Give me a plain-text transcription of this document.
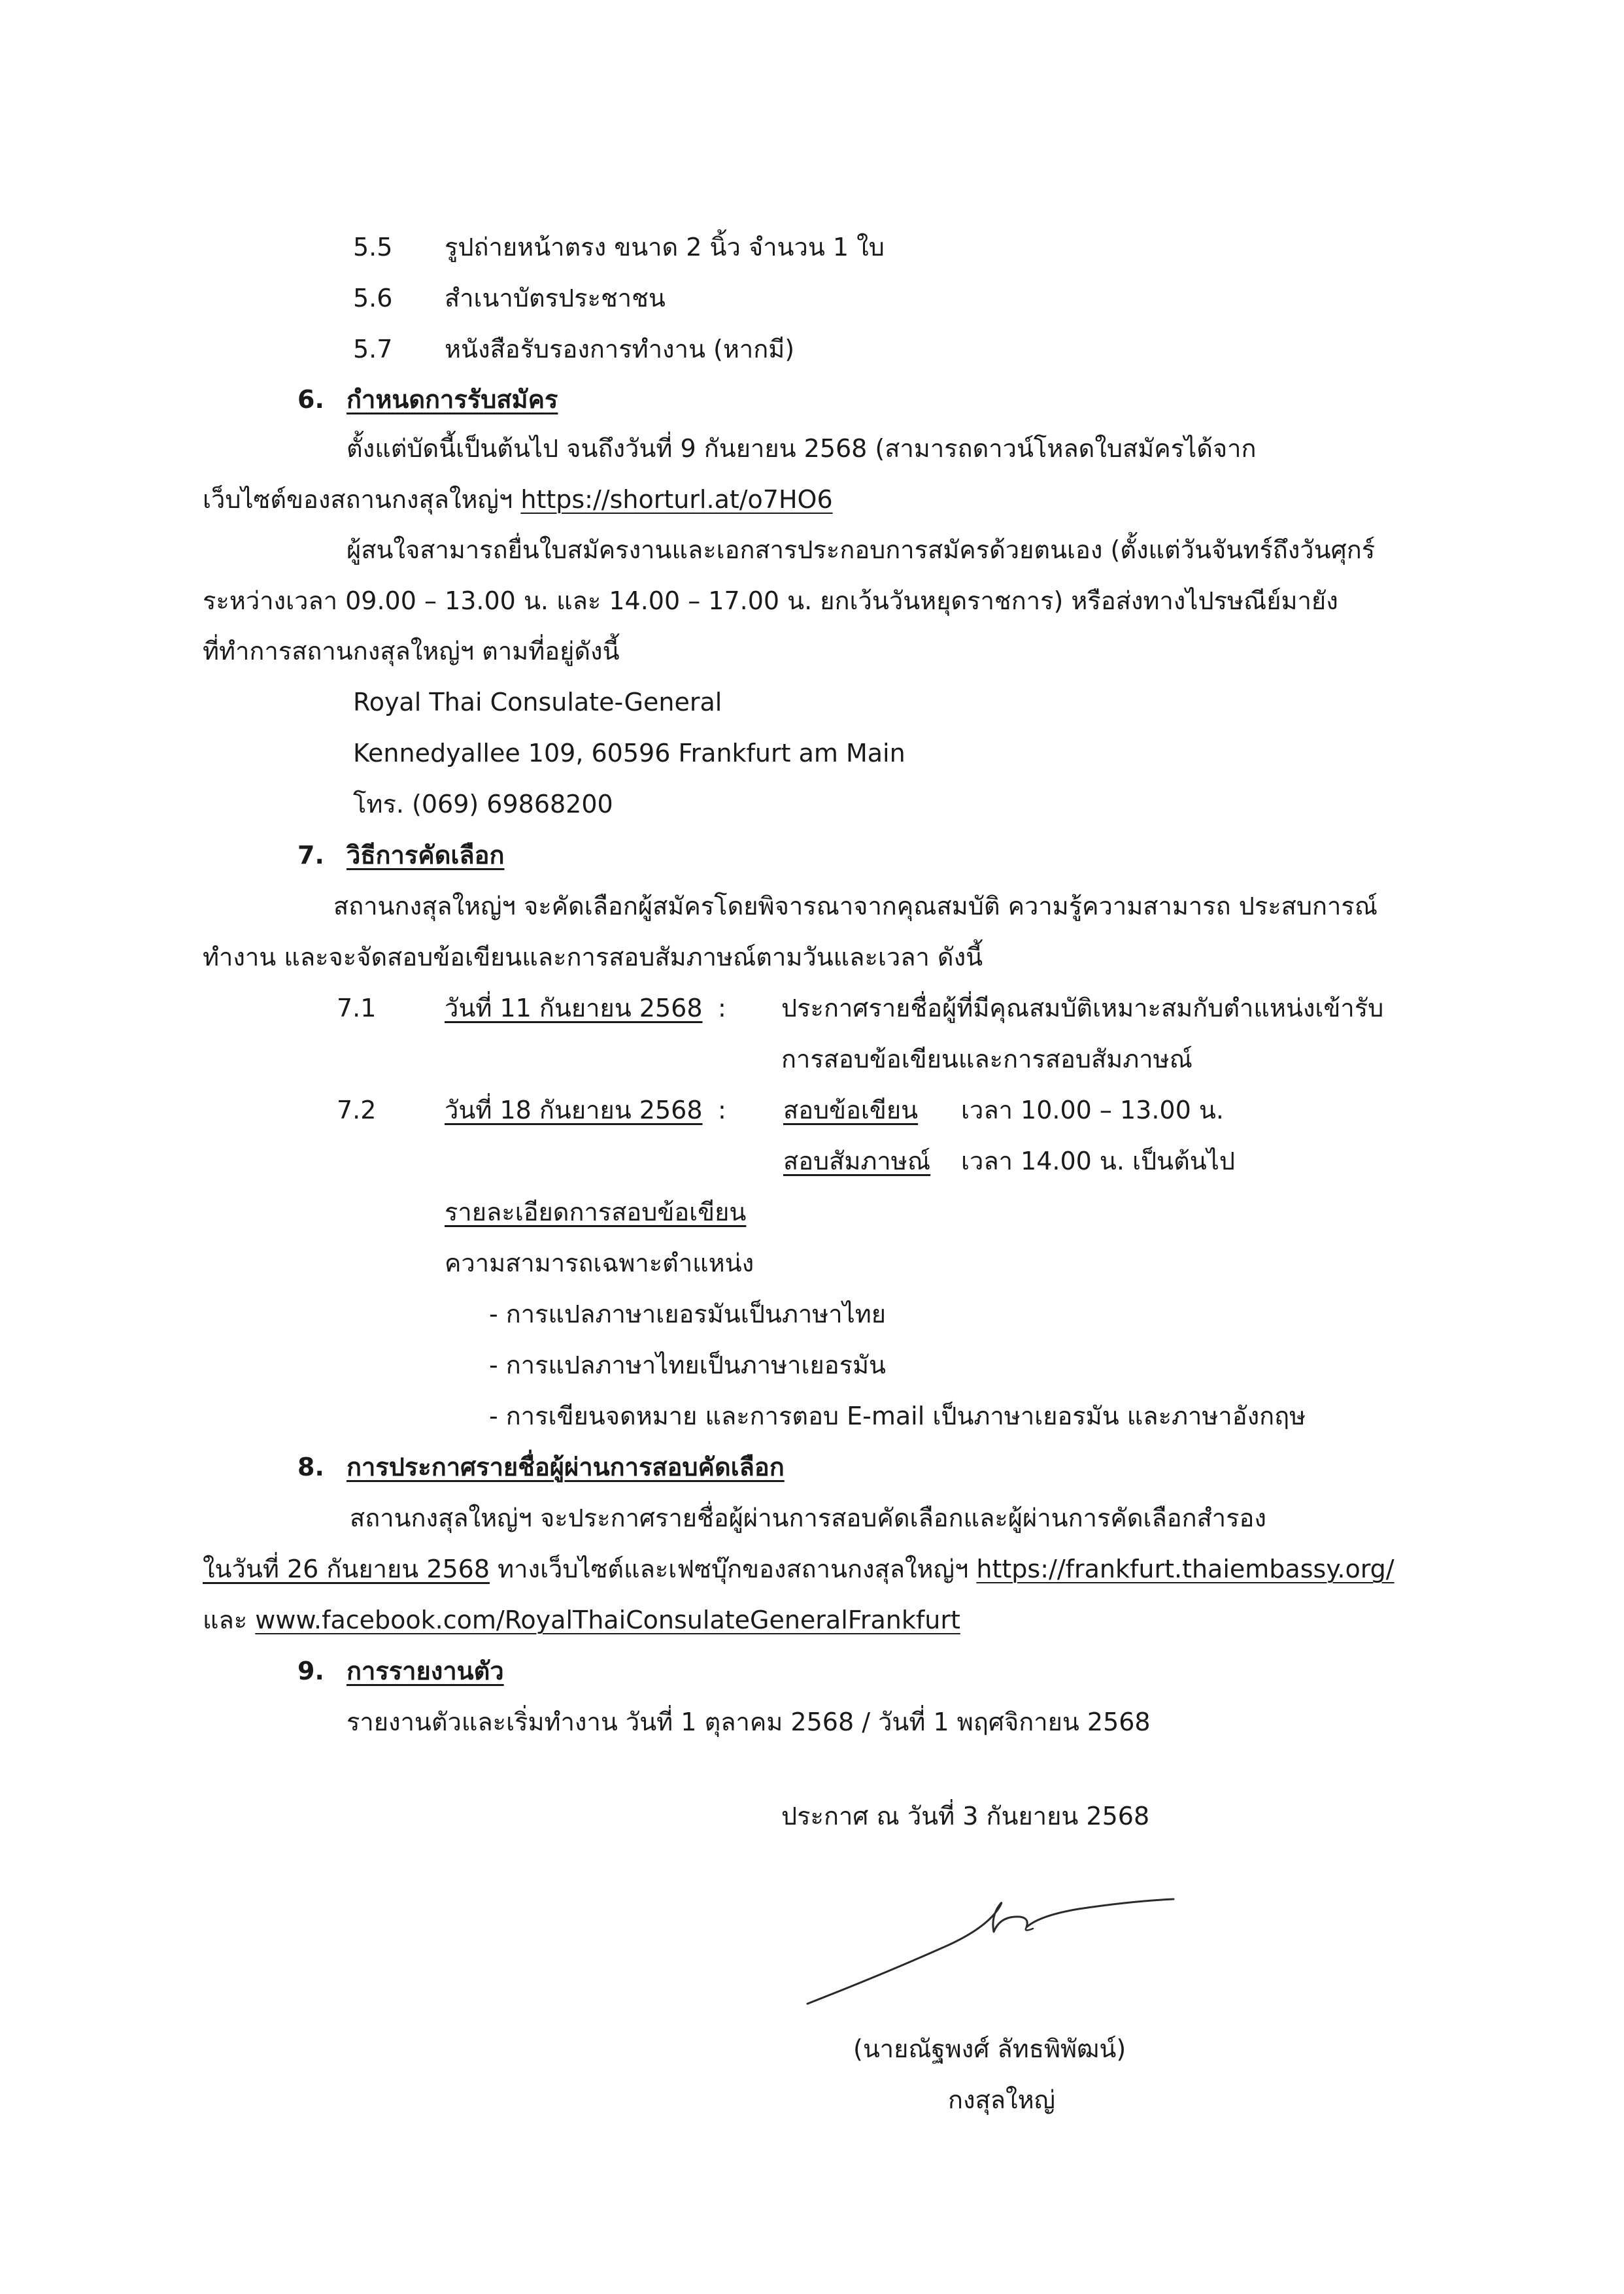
5.5 รูปถ่ายหน้าตรง ขนาด 2 นิ้ว จำนวน 1 ใบ
5.6 สำเนาบัตรประชาชน
5.7 หนังสือรับรองการทำงาน (หากมี)
6. กำหนดการรับสมัคร
ตั้งแต่บัดนี้เป็นต้นไป จนถึงวันที่ 9 กันยายน 2568 (สามารถดาวน์โหลดใบสมัครได้จาก
เว็บไซต์ของสถานกงสุลใหญ่ฯ https://shorturl.at/o7HO6
ผู้สนใจสามารถยื่นใบสมัครงานและเอกสารประกอบการสมัครด้วยตนเอง (ตั้งแต่วันจันทร์ถึงวันศุกร์
ระหว่างเวลา 09.00 – 13.00 น. และ 14.00 – 17.00 น. ยกเว้นวันหยุดราชการ) หรือส่งทางไปรษณีย์มายัง
ที่ทำการสถานกงสุลใหญ่ฯ ตามที่อยู่ดังนี้
Royal Thai Consulate-General
Kennedyallee 109, 60596 Frankfurt am Main
โทร. (069) 69868200
7. วิธีการคัดเลือก
สถานกงสุลใหญ่ฯ จะคัดเลือกผู้สมัครโดยพิจารณาจากคุณสมบัติ ความรู้ความสามารถ ประสบการณ์
ทำงาน และจะจัดสอบข้อเขียนและการสอบสัมภาษณ์ตามวันและเวลา ดังนี้
7.1	วันที่ 11 กันยายน 2568 : ประกาศรายชื่อผู้ที่มีคุณสมบัติเหมาะสมกับตำแหน่งเข้ารับ
การสอบข้อเขียนและการสอบสัมภาษณ์
7.2	วันที่ 18 กันยายน 2568 : สอบข้อเขียน เวลา 10.00 – 13.00 น.
สอบสัมภาษณ์ เวลา 14.00 น. เป็นต้นไป
รายละเอียดการสอบข้อเขียน
ความสามารถเฉพาะตำแหน่ง
- การแปลภาษาเยอรมันเป็นภาษาไทย
- การแปลภาษาไทยเป็นภาษาเยอรมัน
- การเขียนจดหมาย และการตอบ E-mail เป็นภาษาเยอรมัน และภาษาอังกฤษ
8. การประกาศรายชื่อผู้ผ่านการสอบคัดเลือก
สถานกงสุลใหญ่ฯ จะประกาศรายชื่อผู้ผ่านการสอบคัดเลือกและผู้ผ่านการคัดเลือกสำรอง
ในวันที่ 26 กันยายน 2568 ทางเว็บไซต์และเฟซบุ๊กของสถานกงสุลใหญ่ฯ https://frankfurt.thaiembassy.org/
และ www.facebook.com/RoyalThaiConsulateGeneralFrankfurt
9. การรายงานตัว
รายงานตัวและเริ่มทำงาน วันที่ 1 ตุลาคม 2568 / วันที่ 1 พฤศจิกายน 2568
ประกาศ ณ วันที่ 3 กันยายน 2568
(นายณัฐพงศ์ ลัทธพิพัฒน์)
กงสุลใหญ่
